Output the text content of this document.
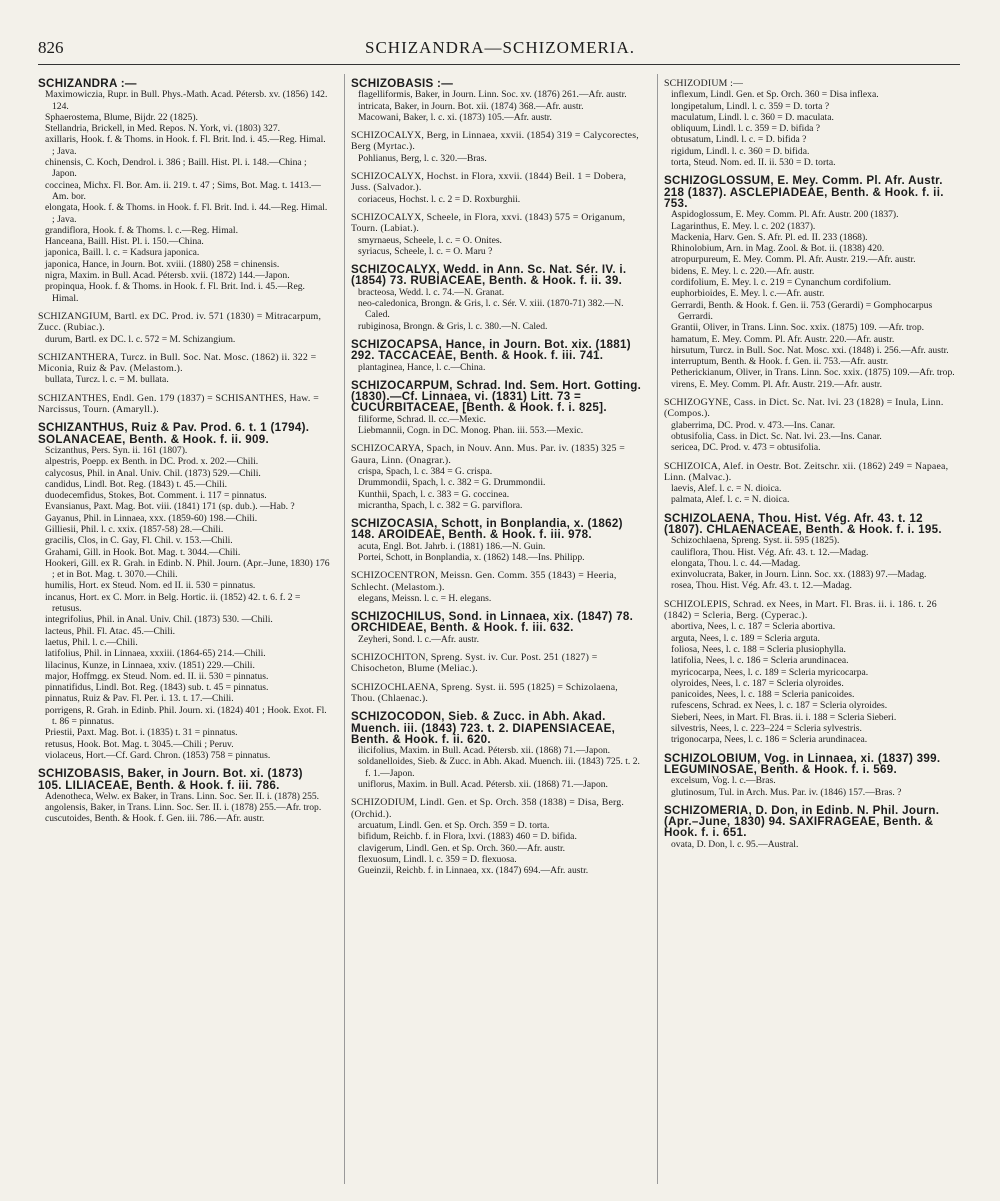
826	SCHIZANDRA—SCHIZOMERIA.
SCHIZANDRA :—
Maximowiczia, Rupr. in Bull. Phys.-Math. Acad. Pétersb. xv. (1856) 142. 124.
Sphaerostema, Blume, Bijdr. 22 (1825).
Stellandria, Brickell, in Med. Repos. N. York, vi. (1803) 327.
axillaris, Hook. f. & Thoms. in Hook. f. Fl. Brit. Ind. i. 45.—Reg. Himal. ; Java.
chinensis, C. Koch, Dendrol. i. 386 ; Baill. Hist. Pl. i. 148.—China ; Japon.
coccinea, Michx. Fl. Bor. Am. ii. 219. t. 47 ; Sims, Bot. Mag. t. 1413.—Am. bor.
elongata, Hook. f. & Thoms. in Hook. f. Fl. Brit. Ind. i. 44.—Reg. Himal. ; Java.
grandiflora, Hook. f. & Thoms. l. c.—Reg. Himal.
Hanceana, Baill. Hist. Pl. i. 150.—China.
japonica, Baill. l. c. = Kadsura japonica.
japonica, Hance, in Journ. Bot. xviii. (1880) 258 = chinensis.
nigra, Maxim. in Bull. Acad. Pétersb. xvii. (1872) 144.—Japon.
propinqua, Hook. f. & Thoms. in Hook. f. Fl. Brit. Ind. i. 45.—Reg. Himal.
SCHIZANGIUM, Bartl. ex DC. Prod. iv. 571 (1830) = Mitracarpum, Zucc. (Rubiac.).
durum, Bartl. ex DC. l. c. 572 = M. Schizangium.
SCHIZANTHERA, Turcz. in Bull. Soc. Nat. Mosc. (1862) ii. 322 = Miconia, Ruiz & Pav. (Melastom.).
bullata, Turcz. l. c. = M. bullata.
SCHIZANTHES, Endl. Gen. 179 (1837) = SCHISANTHES, Haw. = Narcissus, Tourn. (Amaryll.).
SCHIZANTHUS, Ruiz & Pav. Prod. 6. t. 1 (1794). SOLANACEAE, Benth. & Hook. f. ii. 909.
Scizanthus, Pers. Syn. ii. 161 (1807).
alpestris, Poepp. ex Benth. in DC. Prod. x. 202.—Chili.
calycosus, Phil. in Anal. Univ. Chil. (1873) 529.—Chili.
candidus, Lindl. Bot. Reg. (1843) t. 45.—Chili.
duodecemfidus, Stokes, Bot. Comment. i. 117 = pinnatus.
Evansianus, Paxt. Mag. Bot. viii. (1841) 171 (sp. dub.). —Hab. ?
Gayanus, Phil. in Linnaea, xxx. (1859-60) 198.—Chili.
Gilliesii, Phil. l. c. xxix. (1857-58) 28.—Chili.
gracilis, Clos, in C. Gay, Fl. Chil. v. 153.—Chili.
Grahami, Gill. in Hook. Bot. Mag. t. 3044.—Chili.
Hookeri, Gill. ex R. Grah. in Edinb. N. Phil. Journ. (Apr.–June, 1830) 176 ; et in Bot. Mag. t. 3070.—Chili.
humilis, Hort. ex Steud. Nom. ed II. ii. 530 = pinnatus.
incanus, Hort. ex C. Morr. in Belg. Hortic. ii. (1852) 42. t. 6. f. 2 = retusus.
integrifolius, Phil. in Anal. Univ. Chil. (1873) 530. —Chili.
lacteus, Phil. Fl. Atac. 45.—Chili.
laetus, Phil. l. c.—Chili.
latifolius, Phil. in Linnaea, xxxiii. (1864-65) 214.—Chili.
lilacinus, Kunze, in Linnaea, xxiv. (1851) 229.—Chili.
major, Hoffmgg. ex Steud. Nom. ed. II. ii. 530 = pinnatus.
pinnatifidus, Lindl. Bot. Reg. (1843) sub. t. 45 = pinnatus.
pinnatus, Ruiz & Pav. Fl. Per. i. 13. t. 17.—Chili.
porrigens, R. Grah. in Edinb. Phil. Journ. xi. (1824) 401 ; Hook. Exot. Fl. t. 86 = pinnatus.
Priestii, Paxt. Mag. Bot. i. (1835) t. 31 = pinnatus.
retusus, Hook. Bot. Mag. t. 3045.—Chili ; Peruv.
violaceus, Hort.—Cf. Gard. Chron. (1853) 758 = pinnatus.
SCHIZOBASIS, Baker, in Journ. Bot. xi. (1873) 105. LILIACEAE, Benth. & Hook. f. iii. 786.
Adenotheca, Welw. ex Baker, in Trans. Linn. Soc. Ser. II. i. (1878) 255.
angolensis, Baker, in Trans. Linn. Soc. Ser. II. i. (1878) 255.—Afr. trop.
cuscutoides, Benth. & Hook. f. Gen. iii. 786.—Afr. austr.
SCHIZOBASIS :—
flagelliformis, Baker, in Journ. Linn. Soc. xv. (1876) 261.—Afr. austr.
intricata, Baker, in Journ. Bot. xii. (1874) 368.—Afr. austr.
Macowani, Baker, l. c. xi. (1873) 105.—Afr. austr.
SCHIZOCALYX, Berg, in Linnaea, xxvii. (1854) 319 = Calycorectes, Berg (Myrtac.).
Pohlianus, Berg, l. c. 320.—Bras.
SCHIZOCALYX, Hochst. in Flora, xxvii. (1844) Beil. 1 = Dobera, Juss. (Salvador.).
coriaceus, Hochst. l. c. 2 = D. Roxburghii.
SCHIZOCALYX, Scheele, in Flora, xxvi. (1843) 575 = Origanum, Tourn. (Labiat.).
smyrnaeus, Scheele, l. c. = O. Onites.
syriacus, Scheele, l. c. = O. Maru ?
SCHIZOCALYX, Wedd. in Ann. Sc. Nat. Sér. IV. i. (1854) 73. RUBIACEAE, Benth. & Hook. f. ii. 39.
bracteosa, Wedd. l. c. 74.—N. Granat.
neo-caledonica, Brongn. & Gris, l. c. Sér. V. xiii. (1870-71) 382.—N. Caled.
rubiginosa, Brongn. & Gris, l. c. 380.—N. Caled.
SCHIZOCAPSA, Hance, in Journ. Bot. xix. (1881) 292. TACCACEAE, Benth. & Hook. f. iii. 741.
plantaginea, Hance, l. c.—China.
SCHIZOCARPUM, Schrad. Ind. Sem. Hort. Gotting. (1830).—Cf. Linnaea, vi. (1831) Litt. 73 = CUCURBITACEAE, [Benth. & Hook. f. i. 825].
filiforme, Schrad. ll. cc.—Mexic.
Liebmannii, Cogn. in DC. Monog. Phan. iii. 553.—Mexic.
SCHIZOCARYA, Spach, in Nouv. Ann. Mus. Par. iv. (1835) 325 = Gaura, Linn. (Onagrar.).
crispa, Spach, l. c. 384 = G. crispa.
Drummondii, Spach, l. c. 382 = G. Drummondii.
Kunthii, Spach, l. c. 383 = G. coccinea.
micrantha, Spach, l. c. 382 = G. parviflora.
SCHIZOCASIA, Schott, in Bonplandia, x. (1862) 148. AROIDEAE, Benth. & Hook. f. iii. 978.
acuta, Engl. Bot. Jahrb. i. (1881) 186.—N. Guin.
Portei, Schott, in Bonplandia, x. (1862) 148.—Ins. Philipp.
SCHIZOCENTRON, Meissn. Gen. Comm. 355 (1843) = Heeria, Schlecht. (Melastom.).
elegans, Meissn. l. c. = H. elegans.
SCHIZOCHILUS, Sond. in Linnaea, xix. (1847) 78. ORCHIDEAE, Benth. & Hook. f. iii. 632.
Zeyheri, Sond. l. c.—Afr. austr.
SCHIZOCHITON, Spreng. Syst. iv. Cur. Post. 251 (1827) = Chisocheton, Blume (Meliac.).
SCHIZOCHLAENA, Spreng. Syst. ii. 595 (1825) = Schizolaena, Thou. (Chlaenac.).
SCHIZOCODON, Sieb. & Zucc. in Abh. Akad. Muench. iii. (1843) 723. t. 2. DIAPENSIACEAE, Benth. & Hook. f. ii. 620.
ilicifolius, Maxim. in Bull. Acad. Pétersb. xii. (1868) 71.—Japon.
soldanelloides, Sieb. & Zucc. in Abh. Akad. Muench. iii. (1843) 725. t. 2. f. 1.—Japon.
uniflorus, Maxim. in Bull. Acad. Pétersb. xii. (1868) 71.—Japon.
SCHIZODIUM, Lindl. Gen. et Sp. Orch. 358 (1838) = Disa, Berg. (Orchid.).
arcuatum, Lindl. Gen. et Sp. Orch. 359 = D. torta.
bifidum, Reichb. f. in Flora, lxvi. (1883) 460 = D. bifida.
clavigerum, Lindl. Gen. et Sp. Orch. 360.—Afr. austr.
flexuosum, Lindl. l. c. 359 = D. flexuosa.
Gueinzii, Reichb. f. in Linnaea, xx. (1847) 694.—Afr. austr.
SCHIZODIUM :—
inflexum, Lindl. Gen. et Sp. Orch. 360 = Disa inflexa.
longipetalum, Lindl. l. c. 359 = D. torta ?
maculatum, Lindl. l. c. 360 = D. maculata.
obliquum, Lindl. l. c. 359 = D. bifida ?
obtusatum, Lindl. l. c. = D. bifida ?
rigidum, Lindl. l. c. 360 = D. bifida.
torta, Steud. Nom. ed. II. ii. 530 = D. torta.
SCHIZOGLOSSUM, E. Mey. Comm. Pl. Afr. Austr. 218 (1837). ASCLEPIADEAE, Benth. & Hook. f. ii. 753.
Aspidoglossum, E. Mey. Comm. Pl. Afr. Austr. 200 (1837).
Lagarinthus, E. Mey. l. c. 202 (1837).
Mackenia, Harv. Gen. S. Afr. Pl. ed. II. 233 (1868).
Rhinolobium, Arn. in Mag. Zool. & Bot. ii. (1838) 420.
atropurpureum, E. Mey. Comm. Pl. Afr. Austr. 219.—Afr. austr.
bidens, E. Mey. l. c. 220.—Afr. austr.
cordifolium, E. Mey. l. c. 219 = Cynanchum cordifolium.
euphorbioides, E. Mey. l. c.—Afr. austr.
Gerrardi, Benth. & Hook. f. Gen. ii. 753 (Gerardi) = Gomphocarpus Gerrardi.
Grantii, Oliver, in Trans. Linn. Soc. xxix. (1875) 109. —Afr. trop.
hamatum, E. Mey. Comm. Pl. Afr. Austr. 220.—Afr. austr.
hirsutum, Turcz. in Bull. Soc. Nat. Mosc. xxi. (1848) i. 256.—Afr. austr.
interruptum, Benth. & Hook. f. Gen. ii. 753.—Afr. austr.
Petherickianum, Oliver, in Trans. Linn. Soc. xxix. (1875) 109.—Afr. trop.
virens, E. Mey. Comm. Pl. Afr. Austr. 219.—Afr. austr.
SCHIZOGYNE, Cass. in Dict. Sc. Nat. lvi. 23 (1828) = Inula, Linn. (Compos.).
glaberrima, DC. Prod. v. 473.—Ins. Canar.
obtusifolia, Cass. in Dict. Sc. Nat. lvi. 23.—Ins. Canar.
sericea, DC. Prod. v. 473 = obtusifolia.
SCHIZOICA, Alef. in Oestr. Bot. Zeitschr. xii. (1862) 249 = Napaea, Linn. (Malvac.).
laevis, Alef. l. c. = N. dioica.
palmata, Alef. l. c. = N. dioica.
SCHIZOLAENA, Thou. Hist. Vég. Afr. 43. t. 12 (1807). CHLAENACEAE, Benth. & Hook. f. i. 195.
Schizochlaena, Spreng. Syst. ii. 595 (1825).
cauliflora, Thou. Hist. Vég. Afr. 43. t. 12.—Madag.
elongata, Thou. l. c. 44.—Madag.
exinvolucrata, Baker, in Journ. Linn. Soc. xx. (1883) 97.—Madag.
rosea, Thou. Hist. Vég. Afr. 43. t. 12.—Madag.
SCHIZOLEPIS, Schrad. ex Nees, in Mart. Fl. Bras. ii. i. 186. t. 26 (1842) = Scleria, Berg. (Cyperac.).
abortiva, Nees, l. c. 187 = Scleria abortiva.
arguta, Nees, l. c. 189 = Scleria arguta.
foliosa, Nees, l. c. 188 = Scleria plusiophylla.
latifolia, Nees, l. c. 186 = Scleria arundinacea.
myricocarpa, Nees, l. c. 189 = Scleria myricocarpa.
olyroides, Nees, l. c. 187 = Scleria olyroides.
panicoides, Nees, l. c. 188 = Scleria panicoides.
rufescens, Schrad. ex Nees, l. c. 187 = Scleria olyroides.
Sieberi, Nees, in Mart. Fl. Bras. ii. i. 188 = Scleria Sieberi.
silvestris, Nees, l. c. 223–224 = Scleria sylvestris.
trigonocarpa, Nees, l. c. 186 = Scleria arundinacea.
SCHIZOLOBIUM, Vog. in Linnaea, xi. (1837) 399. LEGUMINOSAE, Benth. & Hook. f. i. 569.
excelsum, Vog. l. c.—Bras.
glutinosum, Tul. in Arch. Mus. Par. iv. (1846) 157.—Bras. ?
SCHIZOMERIA, D. Don, in Edinb. N. Phil. Journ. (Apr.–June, 1830) 94. SAXIFRAGEAE, Benth. & Hook. f. i. 651.
ovata, D. Don, l. c. 95.—Austral.
